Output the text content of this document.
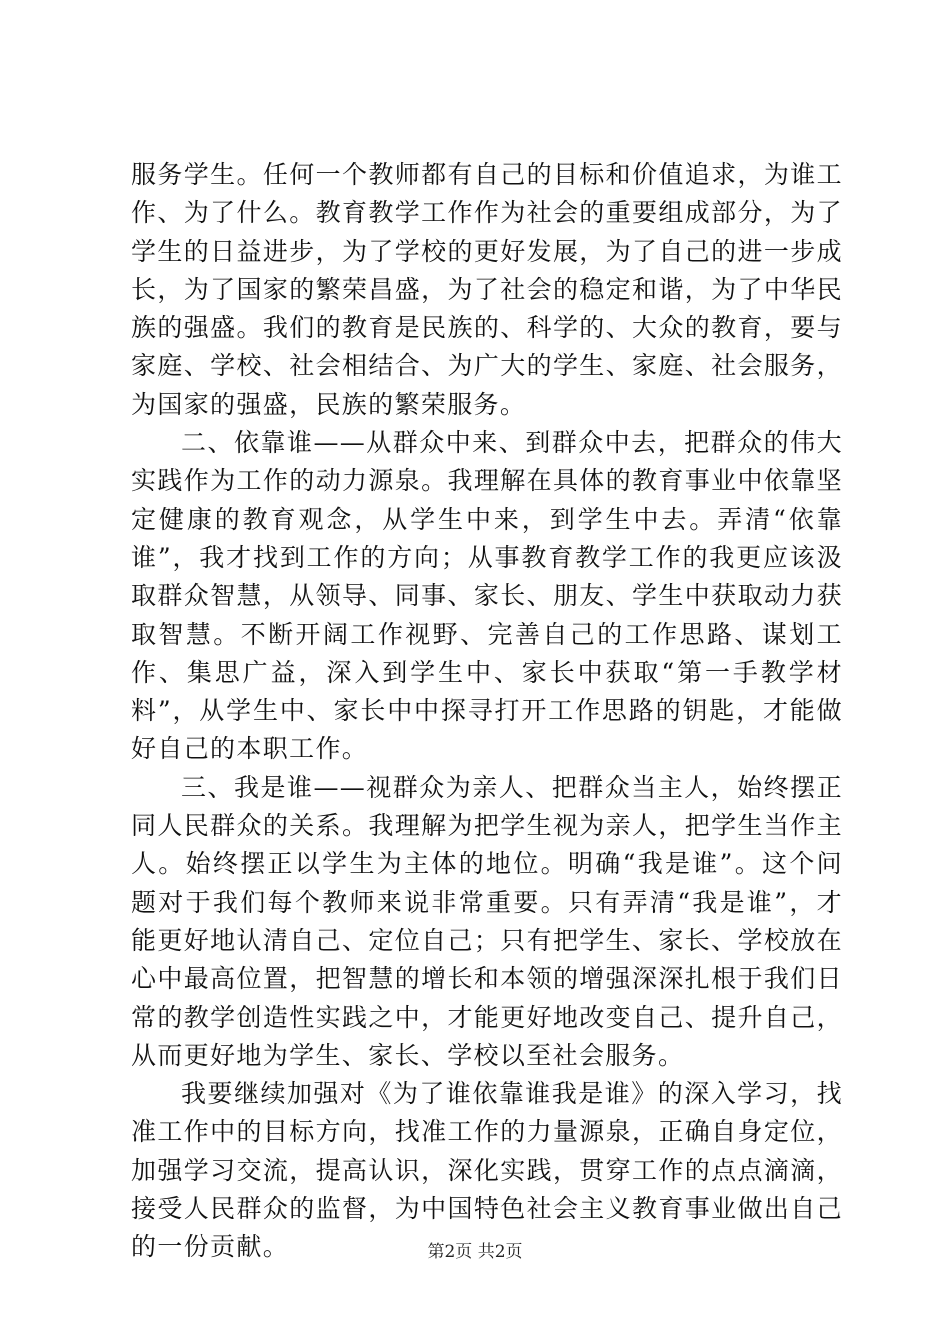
服务学生。任何一个教师都有自己的目标和价值追求，为谁工作、为了什么。教育教学工作作为社会的重要组成部分，为了学生的日益进步，为了学校的更好发展，为了自己的进一步成长，为了国家的繁荣昌盛，为了社会的稳定和谐，为了中华民族的强盛。我们的教育是民族的、科学的、大众的教育，要与家庭、学校、社会相结合、为广大的学生、家庭、社会服务，为国家的强盛，民族的繁荣服务。

二、依靠谁——从群众中来、到群众中去，把群众的伟大实践作为工作的动力源泉。我理解在具体的教育事业中依靠坚定健康的教育观念，从学生中来，到学生中去。弄清“依靠谁”，我才找到工作的方向；从事教育教学工作的我更应该汲取群众智慧，从领导、同事、家长、朋友、学生中获取动力获取智慧。不断开阔工作视野、完善自己的工作思路、谋划工作、集思广益，深入到学生中、家长中获取“第一手教学材料”，从学生中、家长中中探寻打开工作思路的钥匙，才能做好自己的本职工作。

三、我是谁——视群众为亲人、把群众当主人，始终摆正同人民群众的关系。我理解为把学生视为亲人，把学生当作主人。始终摆正以学生为主体的地位。明确“我是谁”。这个问题对于我们每个教师来说非常重要。只有弄清“我是谁”，才能更好地认清自己、定位自己；只有把学生、家长、学校放在心中最高位置，把智慧的增长和本领的增强深深扎根于我们日常的教学创造性实践之中，才能更好地改变自己、提升自己，从而更好地为学生、家长、学校以至社会服务。

我要继续加强对《为了谁依靠谁我是谁》的深入学习，找准工作中的目标方向，找准工作的力量源泉，正确自身定位，加强学习交流，提高认识，深化实践，贯穿工作的点点滴滴，接受人民群众的监督，为中国特色社会主义教育事业做出自己的一份贡献。	第2页 共2页
